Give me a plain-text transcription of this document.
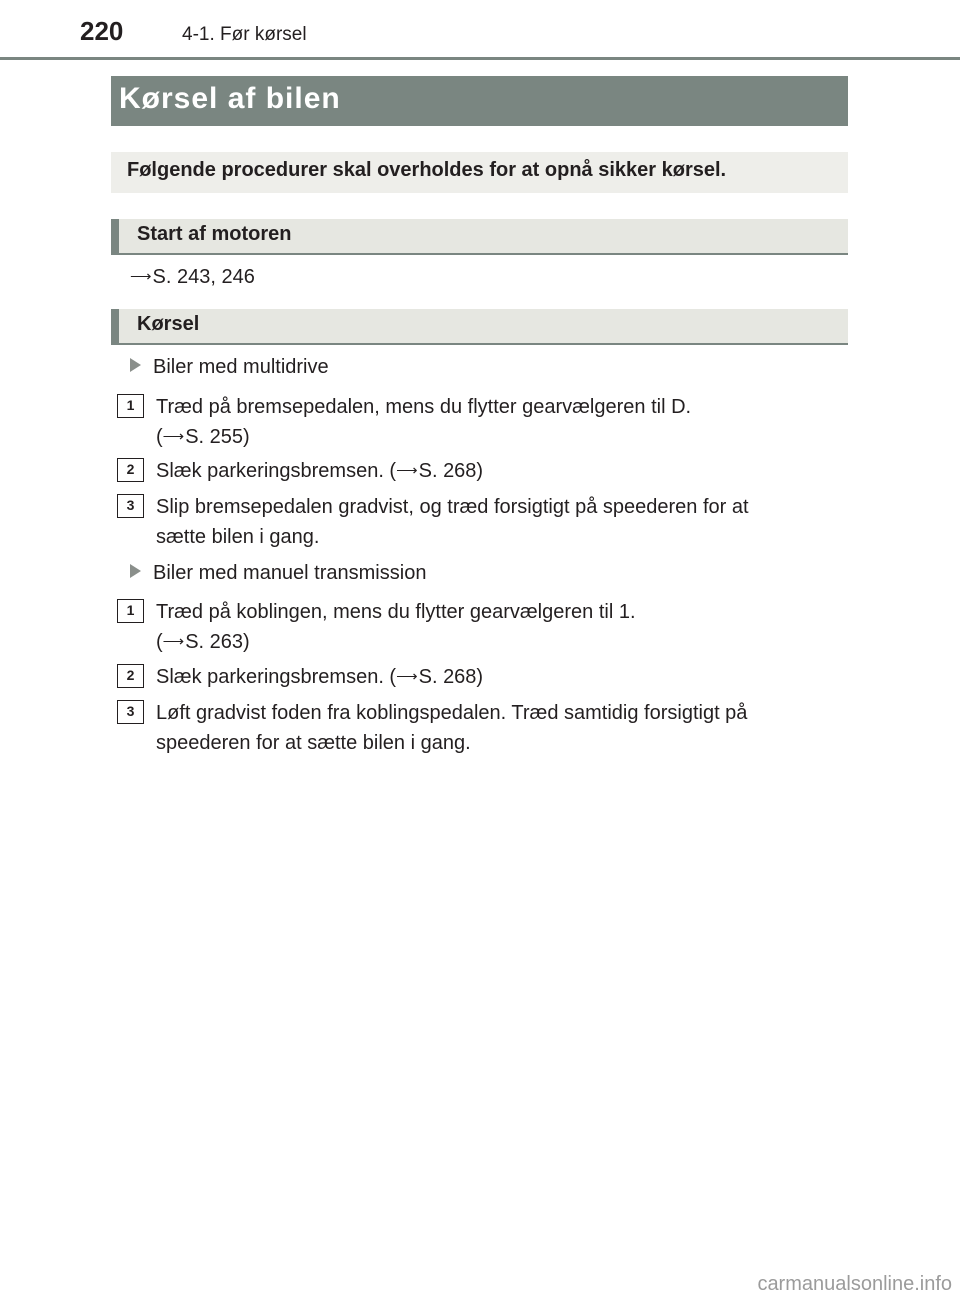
220	4-1. Før kørsel
Kørsel af bilen
Følgende procedurer skal overholdes for at opnå sikker kørsel.
Start af motoren
⟶S. 243, 246
Kørsel
Biler med multidrive
1	Træd på bremsepedalen, mens du flytter gearvælgeren til D.
(⟶S. 255)
2	Slæk parkeringsbremsen. (⟶S. 268)
3	Slip bremsepedalen gradvist, og træd forsigtigt på speederen for at
sætte bilen i gang.
Biler med manuel transmission
1	Træd på koblingen, mens du flytter gearvælgeren til 1.
(⟶S. 263)
2	Slæk parkeringsbremsen. (⟶S. 268)
3	Løft gradvist foden fra koblingspedalen. Træd samtidig forsigtigt på
speederen for at sætte bilen i gang.
carmanualsonline.info
